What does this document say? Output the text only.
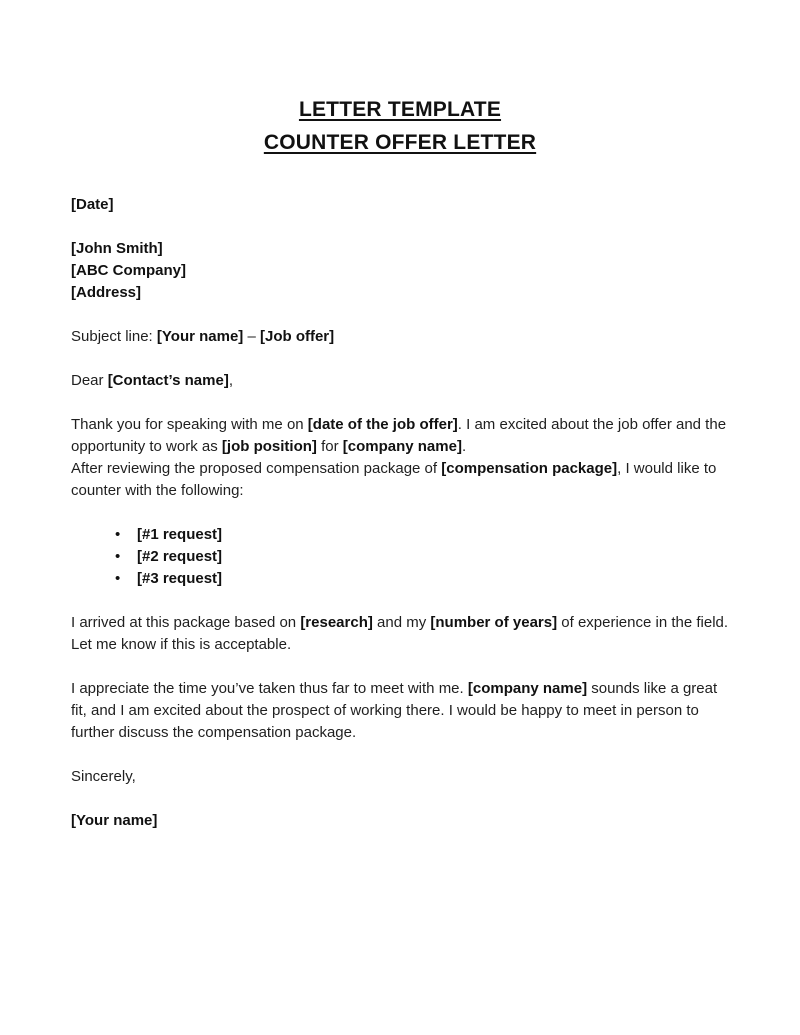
LETTER TEMPLATE
COUNTER OFFER LETTER

[Date]

[John Smith]

[ABC Company]

[Address]

Subject line: [Your name] – [Job offer]

Dear [Contact’s name],

Thank you for speaking with me on [date of the job offer]. I am excited about the job offer and the opportunity to work as [job position] for [company name].

After reviewing the proposed compensation package of [compensation package], I would like to counter with the following:

• [#1 request]
• [#2 request]
• [#3 request]

I arrived at this package based on [research] and my [number of years] of experience in the field. Let me know if this is acceptable.

I appreciate the time you’ve taken thus far to meet with me. [company name] sounds like a great fit, and I am excited about the prospect of working there. I would be happy to meet in person to further discuss the compensation package.

Sincerely,

[Your name]
